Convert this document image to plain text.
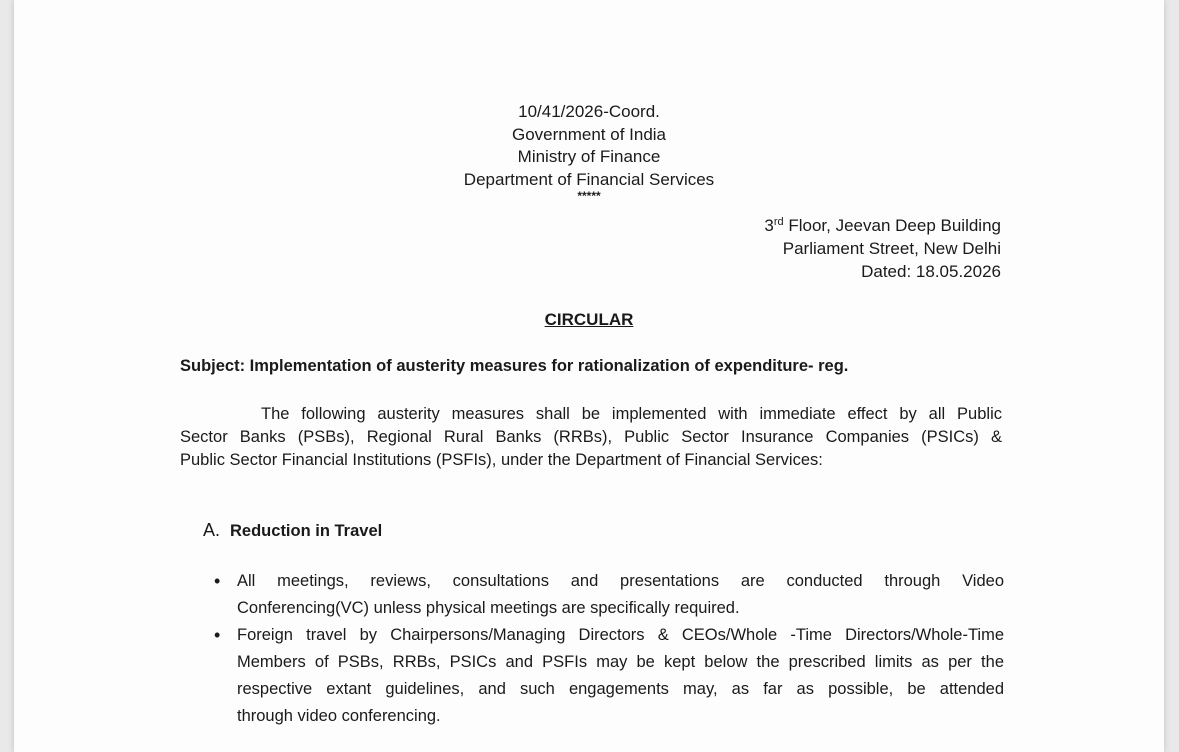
10/41/2026-Coord.
Government of India
Ministry of Finance
Department of Financial Services
*****
3rd Floor, Jeevan Deep Building
Parliament Street, New Delhi
Dated: 18.05.2026
CIRCULAR
Subject: Implementation of austerity measures for rationalization of expenditure- reg.
The following austerity measures shall be implemented with immediate effect by all Public
Sector Banks (PSBs), Regional Rural Banks (RRBs), Public Sector Insurance Companies (PSICs) &
Public Sector Financial Institutions (PSFIs), under the Department of Financial Services:
A. Reduction in Travel
• All meetings, reviews, consultations and presentations are conducted through Video
Conferencing(VC) unless physical meetings are specifically required.
• Foreign travel by Chairpersons/Managing Directors & CEOs/Whole -Time Directors/Whole-Time
Members of PSBs, RRBs, PSICs and PSFIs may be kept below the prescribed limits as per the
respective extant guidelines, and such engagements may, as far as possible, be attended
through video conferencing.
